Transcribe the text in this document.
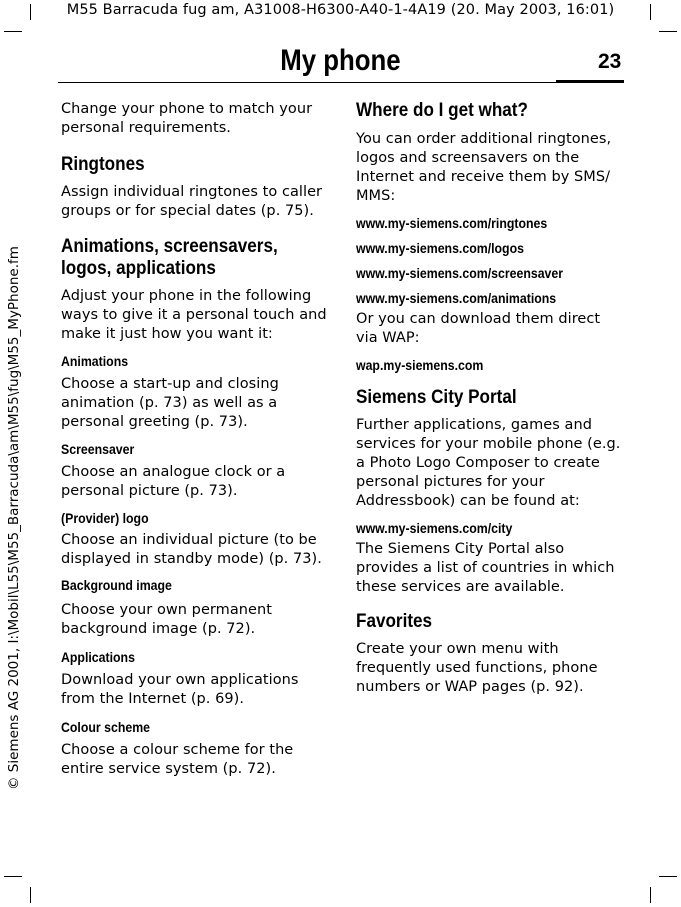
M55 Barracuda fug am, A31008-H6300-A40-1-4A19 (20. May 2003, 16:01)
© Siemens AG 2001, I:\Mobil\L55\M55_Barracuda\am\M55\fug\M55_MyPhone.fm
My phone	23

Change your phone to match your personal requirements.

Ringtones

Assign individual ringtones to caller groups or for special dates (p. 75).

Animations, screensavers, logos, applications

Adjust your phone in the following ways to give it a personal touch and make it just how you want it:

Animations

Choose a start-up and closing animation (p. 73) as well as a personal greeting (p. 73).

Screensaver

Choose an analogue clock or a personal picture (p. 73).

(Provider) logo

Choose an individual picture (to be displayed in standby mode) (p. 73).

Background image

Choose your own permanent background image (p. 72).

Applications

Download your own applications from the Internet (p. 69).

Colour scheme

Choose a colour scheme for the entire service system (p. 72).

Where do I get what?

You can order additional ringtones, logos and screensavers on the Internet and receive them by SMS/ MMS:

www.my-siemens.com/ringtones
www.my-siemens.com/logos
www.my-siemens.com/screensaver
www.my-siemens.com/animations

Or you can download them direct via WAP:

wap.my-siemens.com
Siemens City Portal

Further applications, games and services for your mobile phone (e.g. a Photo Logo Composer to create personal pictures for your Addressbook) can be found at:

www.my-siemens.com/city

The Siemens City Portal also provides a list of countries in which these services are available.

Favorites

Create your own menu with frequently used functions, phone numbers or WAP pages (p. 92).
